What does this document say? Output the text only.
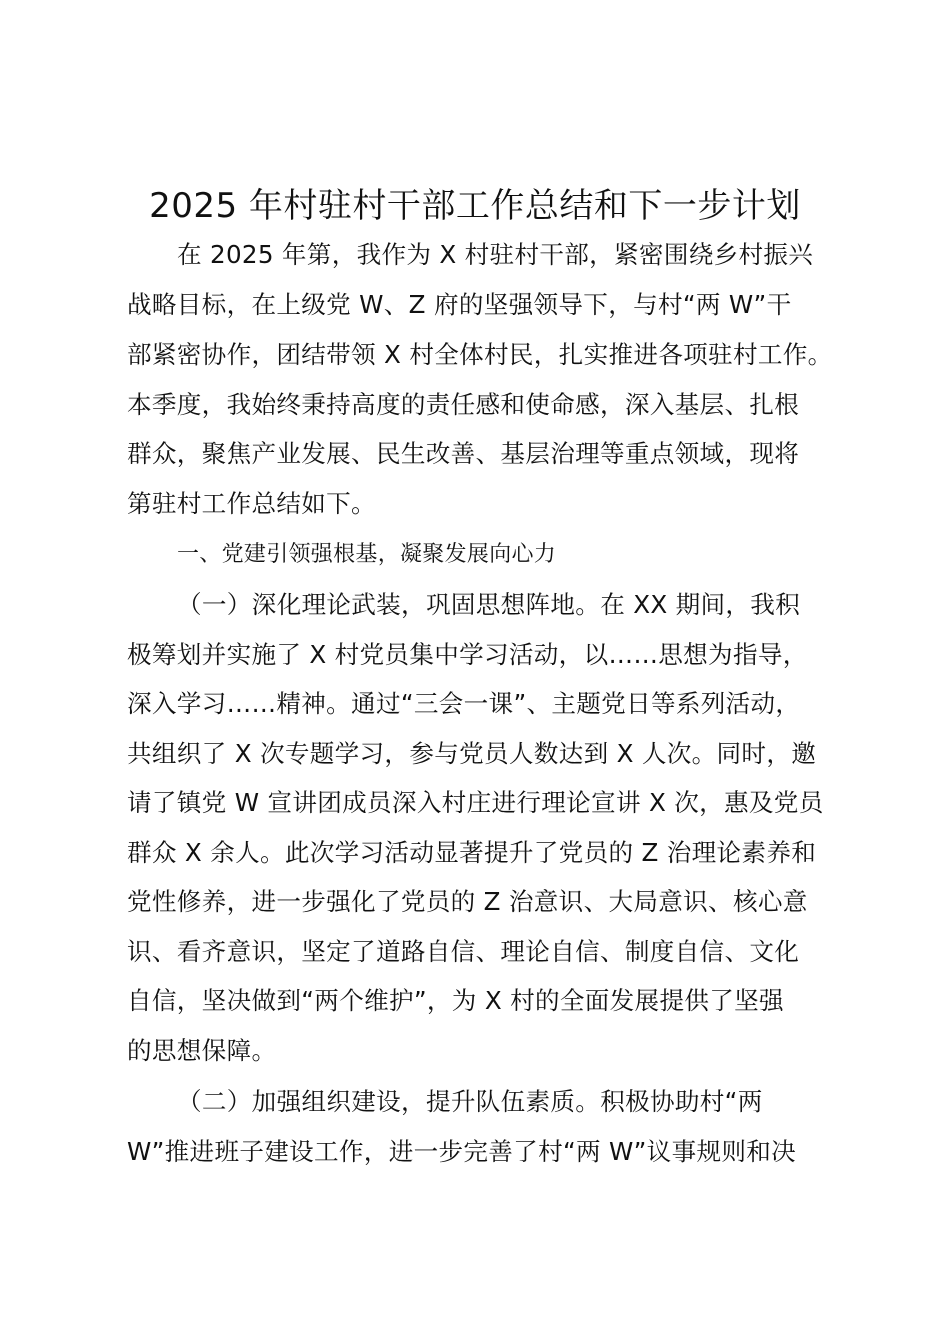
2025 年村驻村干部工作总结和下一步计划
在 2025 年第，我作为 X 村驻村干部，紧密围绕乡村振兴
战略目标，在上级党 W、Z 府的坚强领导下，与村“两 W”干
部紧密协作，团结带领 X 村全体村民，扎实推进各项驻村工作。
本季度，我始终秉持高度的责任感和使命感，深入基层、扎根
群众，聚焦产业发展、民生改善、基层治理等重点领域，现将
第驻村工作总结如下。
一、党建引领强根基，凝聚发展向心力
（一）深化理论武装，巩固思想阵地。在 XX 期间，我积
极筹划并实施了 X 村党员集中学习活动，以……思想为指导，
深入学习……精神。通过“三会一课”、主题党日等系列活动，
共组织了 X 次专题学习，参与党员人数达到 X 人次。同时，邀
请了镇党 W 宣讲团成员深入村庄进行理论宣讲 X 次，惠及党员
群众 X 余人。此次学习活动显著提升了党员的 Z 治理论素养和
党性修养，进一步强化了党员的 Z 治意识、大局意识、核心意
识、看齐意识，坚定了道路自信、理论自信、制度自信、文化
自信，坚决做到“两个维护”，为 X 村的全面发展提供了坚强
的思想保障。
（二）加强组织建设，提升队伍素质。积极协助村“两
W”推进班子建设工作，进一步完善了村“两 W”议事规则和决
